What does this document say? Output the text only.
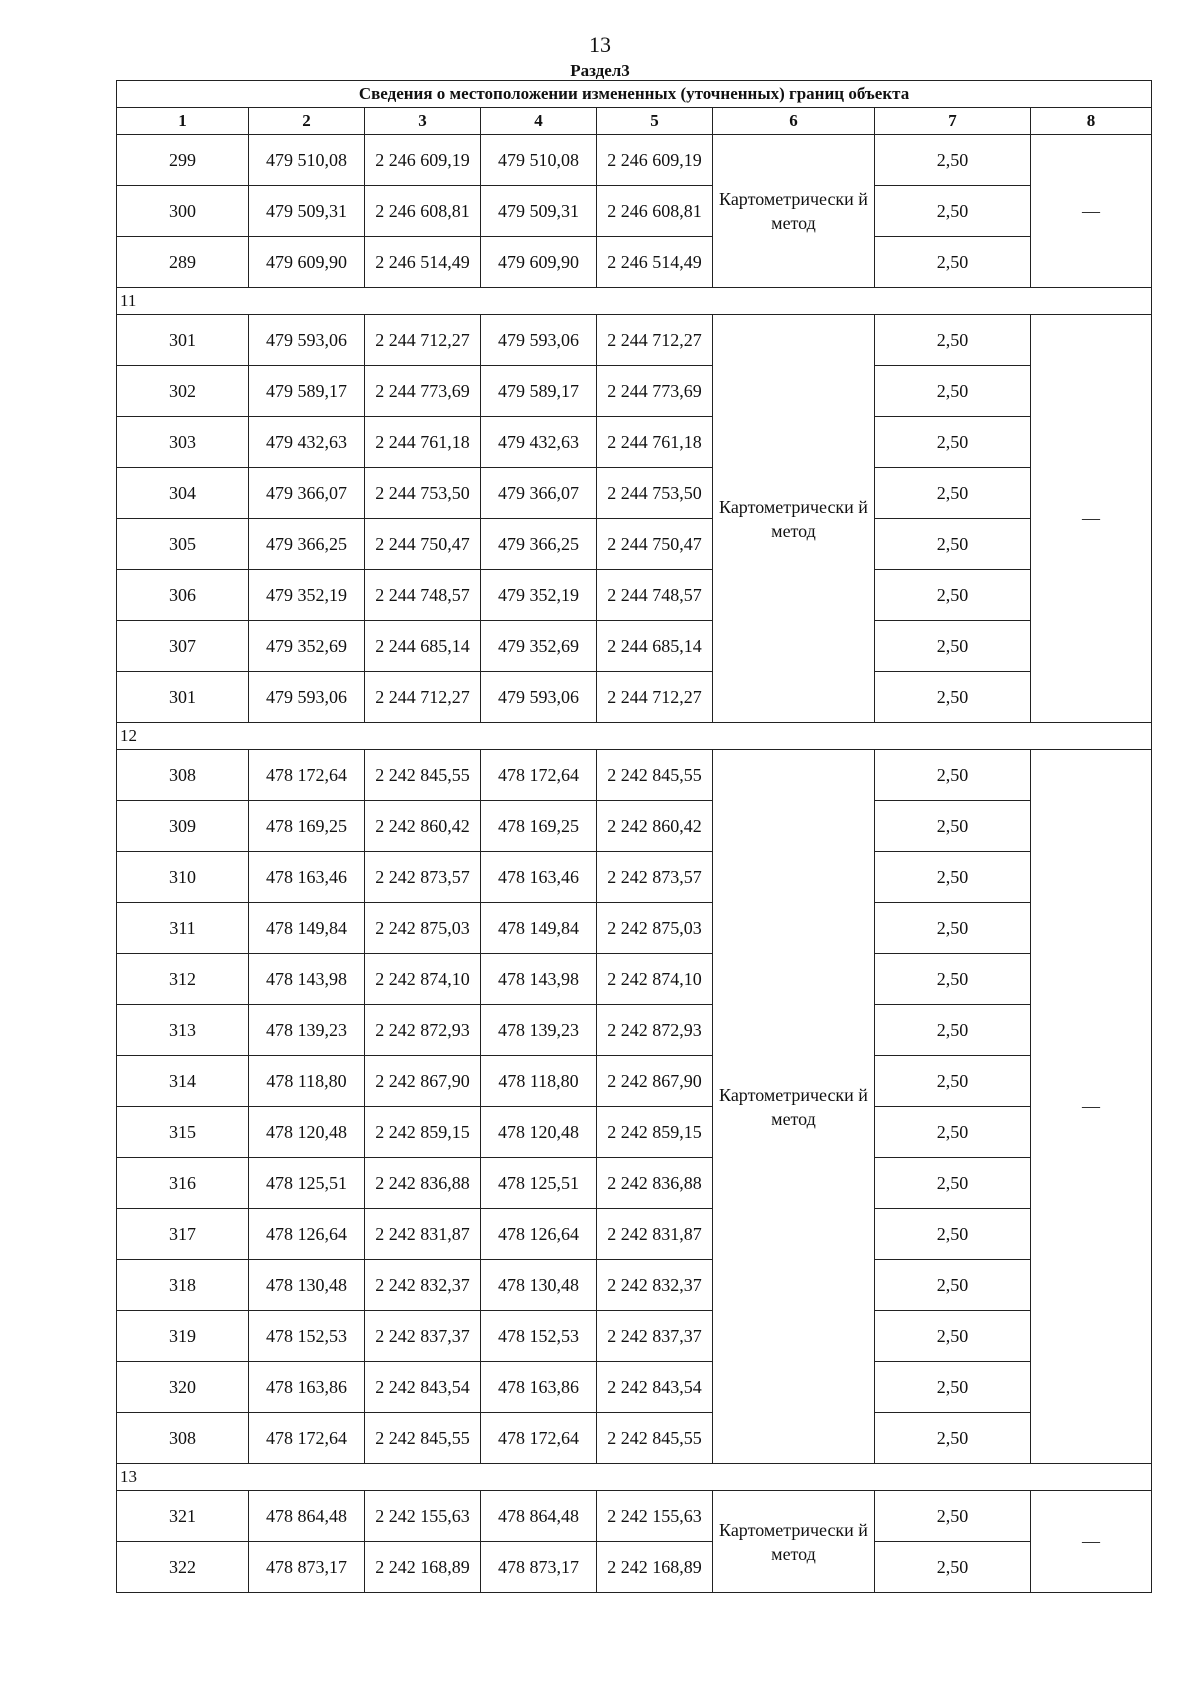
13
Раздел3
Сведения о местоположении измененных (уточненных) границ объекта							
1	2	3	4	5	6	7	8
299	479 510,08	2 246 609,19	479 510,08	2 246 609,19	Картометрически й метод	2,50	—
300	479 509,31	2 246 608,81	479 509,31	2 246 608,81		2,50	
289	479 609,90	2 246 514,49	479 609,90	2 246 514,49		2,50	
11							
301	479 593,06	2 244 712,27	479 593,06	2 244 712,27	Картометрически й метод	2,50	—
302	479 589,17	2 244 773,69	479 589,17	2 244 773,69		2,50	
303	479 432,63	2 244 761,18	479 432,63	2 244 761,18		2,50	
304	479 366,07	2 244 753,50	479 366,07	2 244 753,50		2,50	
305	479 366,25	2 244 750,47	479 366,25	2 244 750,47		2,50	
306	479 352,19	2 244 748,57	479 352,19	2 244 748,57		2,50	
307	479 352,69	2 244 685,14	479 352,69	2 244 685,14		2,50	
301	479 593,06	2 244 712,27	479 593,06	2 244 712,27		2,50	
12							
308	478 172,64	2 242 845,55	478 172,64	2 242 845,55	Картометрически й метод	2,50	—
309	478 169,25	2 242 860,42	478 169,25	2 242 860,42		2,50	
310	478 163,46	2 242 873,57	478 163,46	2 242 873,57		2,50	
311	478 149,84	2 242 875,03	478 149,84	2 242 875,03		2,50	
312	478 143,98	2 242 874,10	478 143,98	2 242 874,10		2,50	
313	478 139,23	2 242 872,93	478 139,23	2 242 872,93		2,50	
314	478 118,80	2 242 867,90	478 118,80	2 242 867,90		2,50	
315	478 120,48	2 242 859,15	478 120,48	2 242 859,15		2,50	
316	478 125,51	2 242 836,88	478 125,51	2 242 836,88		2,50	
317	478 126,64	2 242 831,87	478 126,64	2 242 831,87		2,50	
318	478 130,48	2 242 832,37	478 130,48	2 242 832,37		2,50	
319	478 152,53	2 242 837,37	478 152,53	2 242 837,37		2,50	
320	478 163,86	2 242 843,54	478 163,86	2 242 843,54		2,50	
308	478 172,64	2 242 845,55	478 172,64	2 242 845,55		2,50	
13							
321	478 864,48	2 242 155,63	478 864,48	2 242 155,63	Картометрически й метод	2,50	—
322	478 873,17	2 242 168,89	478 873,17	2 242 168,89		2,50	
